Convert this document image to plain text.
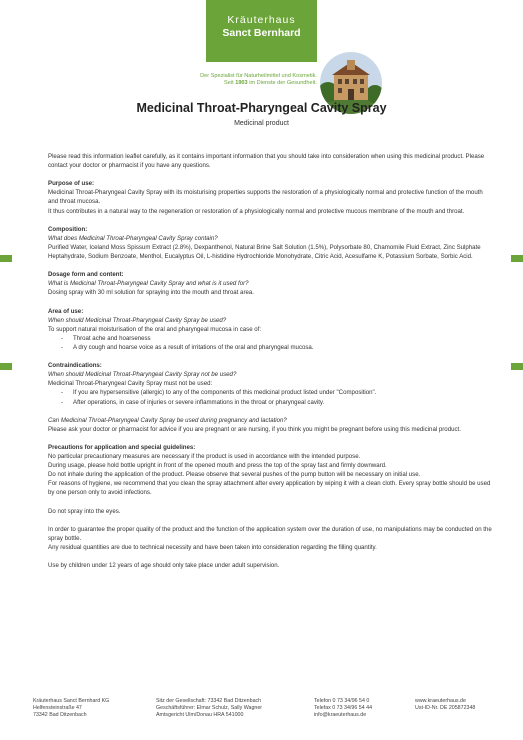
Kräuterhaus
Sanct Bernhard
Der Spezialist für Naturheilmittel und Kosmetik.
Seit 1903 im Dienste der Gesundheit.
Medicinal Throat-Pharyngeal Cavity Spray
Medicinal product

Please read this information leaflet carefully, as it contains important information that you should take into consideration when using this medicinal product. Please contact your doctor or pharmacist if you have any questions.

Purpose of use:

Medicinal Throat-Pharyngeal Cavity Spray with its moisturising properties supports the restoration of a physiologically normal and protective function of the mouth and throat mucosa.

It thus contributes in a natural way to the regeneration or restoration of a physiologically normal and protective mucous membrane of the mouth and throat.

Composition:

What does Medicinal Throat-Pharyngeal Cavity Spray contain?

Purified Water, Iceland Moss Spissum Extract (2.8%), Dexpanthenol, Natural Brine Salt Solution (1.5%), Polysorbate 80, Chamomile Fluid Extract, Zinc Sulphate Heptahydrate, Sodium Benzoate, Menthol, Eucalyptus Oil, L-histidine Hydrochloride Monohydrate, Citric Acid, Acesulfame K, Potassium Sorbate, Sorbic Acid.

Dosage form and content:

What is Medicinal Throat-Pharyngeal Cavity Spray and what is it used for?

Dosing spray with 30 ml solution for spraying into the mouth and throat area.

Area of use:

When should Medicinal Throat-Pharyngeal Cavity Spray be used?

To support natural moisturisation of the oral and pharyngeal mucosa in case of:

- Throat ache and hoarseness

- A dry cough and hoarse voice as a result of irritations of the oral and pharyngeal mucosa.

Contraindications:

When should Medicinal Throat-Pharyngeal Cavity Spray not be used?

Medicinal Throat-Pharyngeal Cavity Spray must not be used:

- If you are hypersensitive (allergic) to any of the components of this medicinal product listed under "Composition".

- After operations, in case of injuries or severe inflammations in the throat or pharyngeal cavity.

Can Medicinal Throat-Pharyngeal Cavity Spray be used during pregnancy and lactation?

Please ask your doctor or pharmacist for advice if you are pregnant or are nursing, if you think you might be pregnant before using this medicinal product.

Precautions for application and special guidelines:

No particular precautionary measures are necessary if the product is used in accordance with the intended purpose.

During usage, please hold bottle upright in front of the opened mouth and press the top of the spray fast and firmly downward.

Do not inhale during the application of the product. Please observe that several pushes of the pump button will be necessary on initial use.

For reasons of hygiene, we recommend that you clean the spray attachment after every application by wiping it with a clean cloth. Every spray bottle should be used by one person only to avoid infections.

Do not spray into the eyes.

In order to guarantee the proper quality of the product and the function of the application system over the duration of use, no manipulations may be conducted on the spray bottle.

Any residual quantities are due to technical necessity and have been taken into consideration regarding the filling quantity.

Use by children under 12 years of age should only take place under adult supervision.

Kräuterhaus Sanct Bernhard KG
Helfensteinstraße 47
73342 Bad Ditzenbach
Sitz der Gesellschaft: 73342 Bad Ditzenbach
Geschäftsführer: Elmar Schulz, Sally Wagner
Amtsgericht Ulm/Donau HRA 541000
Telefon 0 73 34/96 54 0
Telefax 0 73 34/96 54 44
info@kraeuterhaus.de
www.kraeuterhaus.de
Ust-ID-Nr. DE 205872348
